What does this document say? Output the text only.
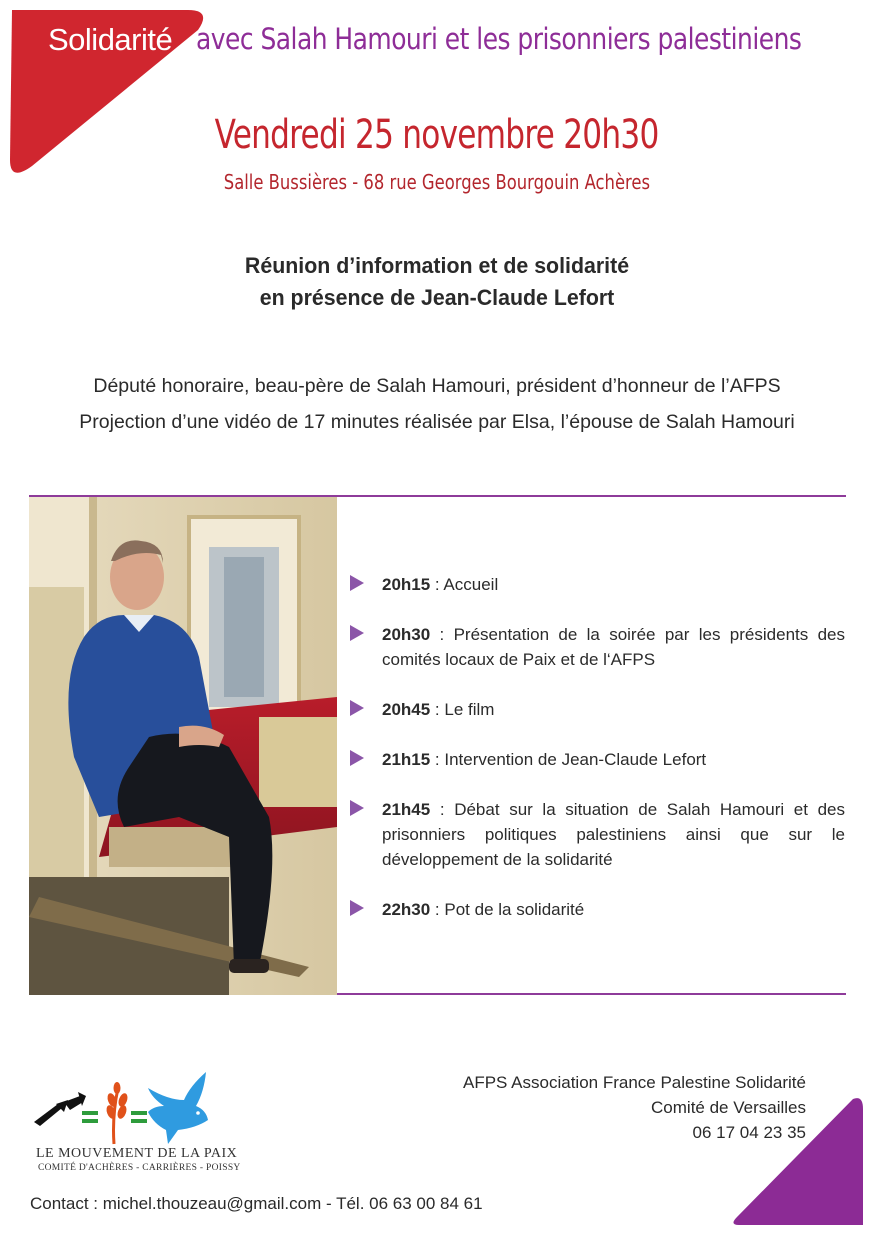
Solidarité avec Salah Hamouri et les prisonniers palestiniens
Vendredi 25 novembre 20h30
Salle Bussières - 68 rue Georges Bourgouin Achères
Réunion d’information et de solidarité
en présence de Jean-Claude Lefort
Député honoraire, beau-père de Salah Hamouri, président d’honneur de l’AFPS
Projection d’une vidéo de 17 minutes réalisée par Elsa, l’épouse de Salah Hamouri
20h15 : Accueil
20h30 : Présentation de la soirée par les présidents des comités locaux de Paix et de l‘AFPS
20h45 : Le film
21h15 : Intervention de Jean-Claude Lefort
21h45 : Débat sur la situation de Salah Hamouri et des prisonniers politiques palestiniens ainsi que sur le développement de la solidarité
22h30 : Pot de la solidarité
LE MOUVEMENT DE LA PAIX
COMITÉ D'ACHÈRES - CARRIÈRES - POISSY
AFPS Association France Palestine Solidarité
Comité de Versailles
06 17 04 23 35
Contact : michel.thouzeau@gmail.com - Tél. 06 63 00 84 61
